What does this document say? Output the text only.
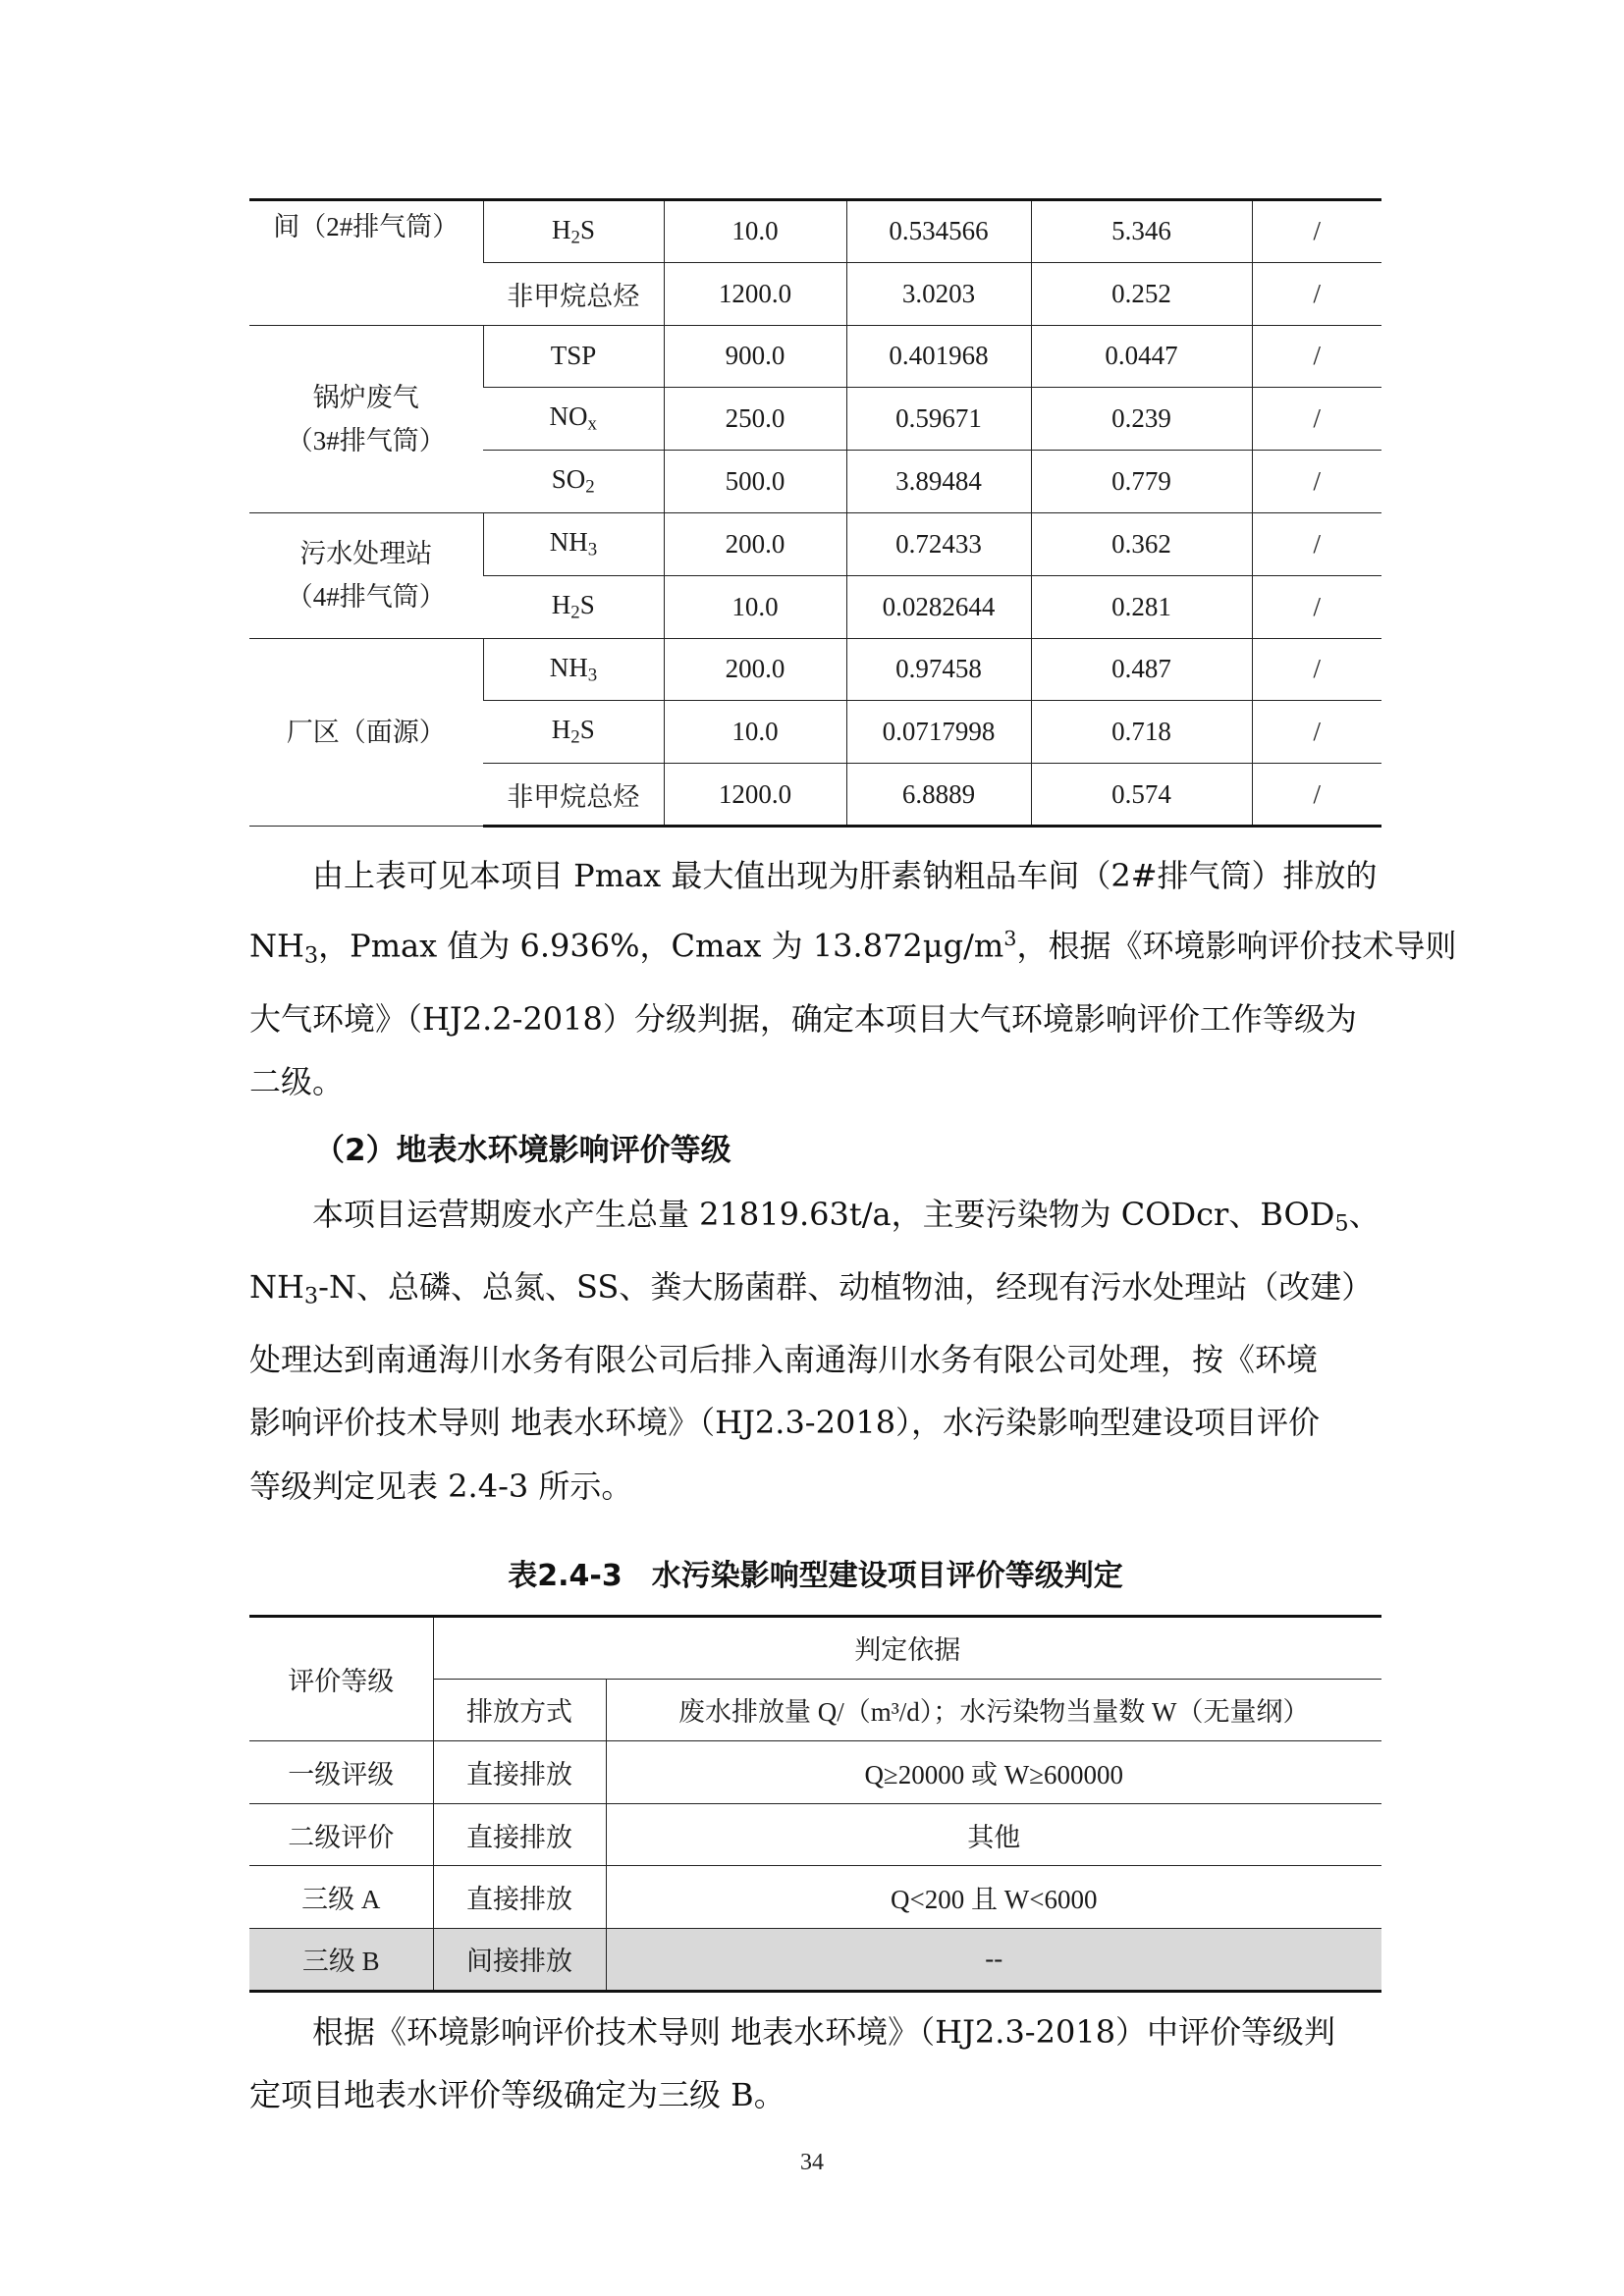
间（2#排气筒）	$H_2S$	10.0	0.534566	5.346	/
	非甲烷总烃	1200.0	3.0203	0.252	/

锅炉废气
（3#排气筒）	TSP	900.0	0.401968	0.0447	/
	$NO_x$	250.0	0.59671	0.239	/
	$SO_2$	500.0	3.89484	0.779	/

污水处理站
（4#排气筒）	$NH_3$	200.0	0.72433	0.362	/
	$H_2S$	10.0	0.0282644	0.281	/
厂区（面源）	$NH_3$	200.0	0.97458	0.487	/
	$H_2S$	10.0	0.0717998	0.718	/
	非甲烷总烃	1200.0	6.8889	0.574	/
由上表可见本项目 Pmax 最大值出现为肝素钠粗品车间（2#排气筒）排放的
$NH_3$，Pmax 值为 6.936%，Cmax 为 $13.872\mu g/m^3$，根据《环境影响评价技术导则
大气环境》（HJ2.2-2018）分级判据，确定本项目大气环境影响评价工作等级为
二级。
（2）地表水环境影响评价等级
本项目运营期废水产生总量 21819.63t/a，主要污染物为 CODcr、$BOD_5$、
$NH_3-N$、总磷、总氮、SS、粪大肠菌群、动植物油，经现有污水处理站（改建）
处理达到南通海川水务有限公司后排入南通海川水务有限公司处理，按《环境
影响评价技术导则 地表水环境》（HJ2.3-2018），水污染影响型建设项目评价
等级判定见表 2.4-3 所示。
表2.4-3　水污染影响型建设项目评价等级判定
评价等级	判定依据	
	排放方式	废水排放量 Q/（m³/d）；水污染物当量数 W（无量纲）
一级评级	直接排放	Q≥20000 或 W≥600000
二级评价	直接排放	其他
三级 A	直接排放	Q<200 且 W<6000
三级 B	间接排放	--
根据《环境影响评价技术导则 地表水环境》（HJ2.3-2018）中评价等级判
定项目地表水评价等级确定为三级 B。
34
